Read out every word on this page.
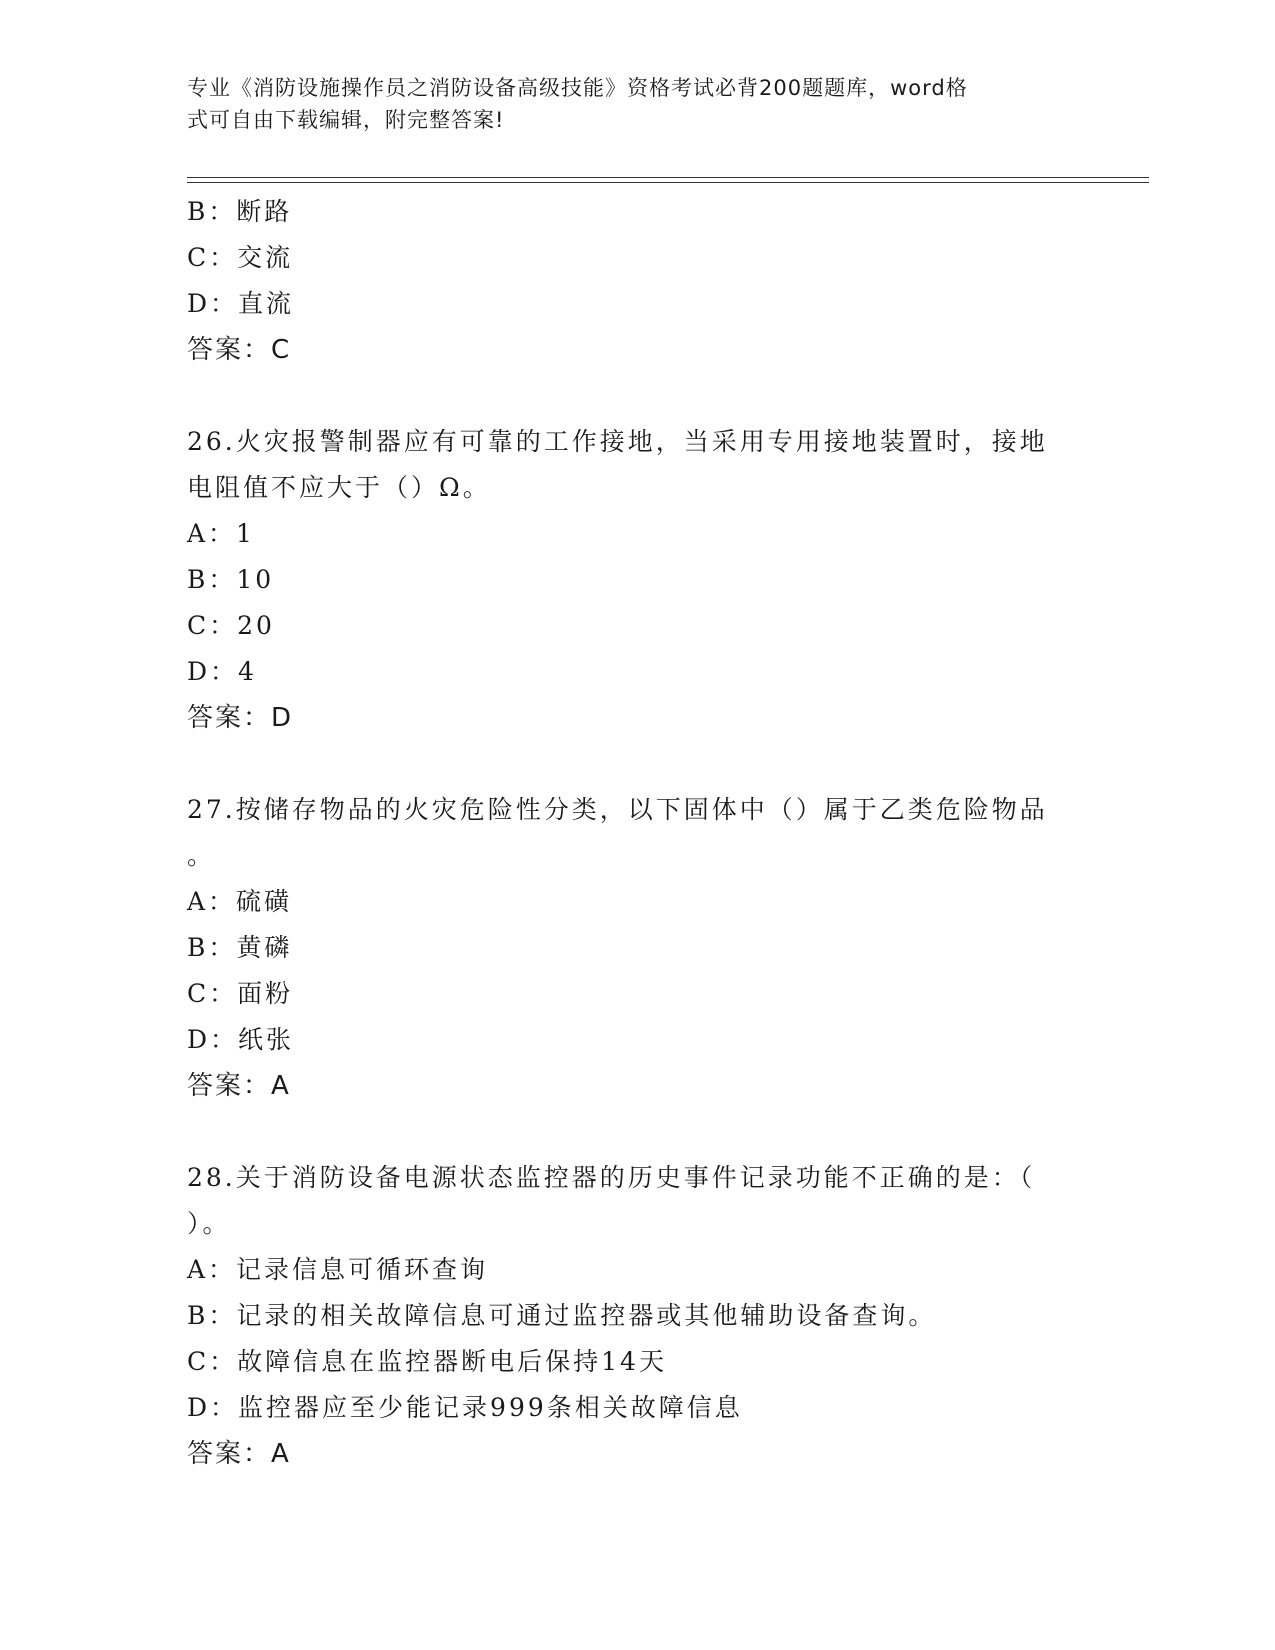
专业《消防设施操作员之消防设备高级技能》资格考试必背200题题库，word格
式可自由下载编辑，附完整答案!
B：断路
C：交流
D：直流
答案：C
26.火灾报警制器应有可靠的工作接地，当采用专用接地装置时，接地
电阻值不应大于（）Ω。
A：1
B：10
C：20
D：4
答案：D
27.按储存物品的火灾危险性分类，以下固体中（）属于乙类危险物品
。
A：硫磺
B：黄磷
C：面粉
D：纸张
答案：A
28.关于消防设备电源状态监控器的历史事件记录功能不正确的是：（
）。
A：记录信息可循环查询
B：记录的相关故障信息可通过监控器或其他辅助设备查询。
C：故障信息在监控器断电后保持14天
D：监控器应至少能记录999条相关故障信息
答案：A
